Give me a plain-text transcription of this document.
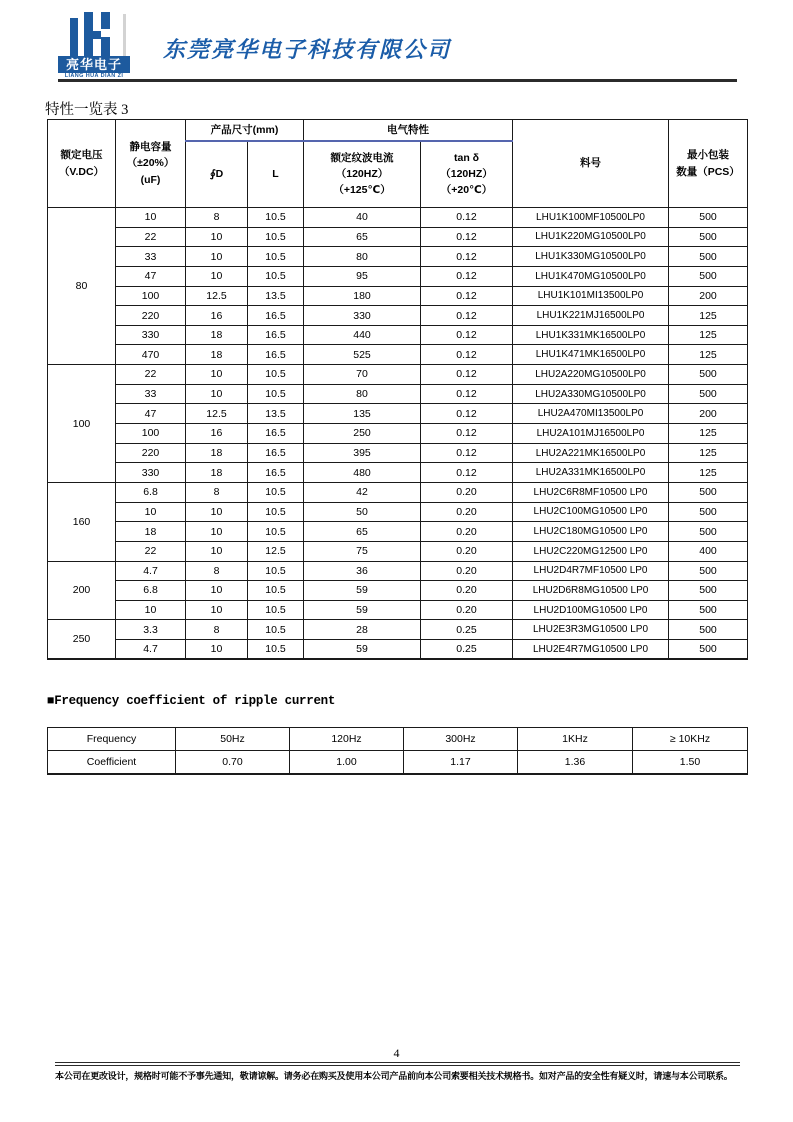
亮华电子
LIANG HUA DIAN ZI
东莞亮华电子科技有限公司
特性一览表 3
额定电压
（V.DC）	静电容量
（±20%）
(uF)	产品尺寸(mm)		电气特性		料号	最小包装
数量（PCS）

		∮D	L	额定纹波电流
（120HZ）
（+125℃）	tan δ
（120HZ）
（+20℃）		

80	10	8	10.5	40	0.12	LHU1K100MF10500LP0	500
	22	10	10.5	65	0.12	LHU1K220MG10500LP0	500
	33	10	10.5	80	0.12	LHU1K330MG10500LP0	500
	47	10	10.5	95	0.12	LHU1K470MG10500LP0	500
	100	12.5	13.5	180	0.12	LHU1K101MI13500LP0	200
	220	16	16.5	330	0.12	LHU1K221MJ16500LP0	125
	330	18	16.5	440	0.12	LHU1K331MK16500LP0	125
	470	18	16.5	525	0.12	LHU1K471MK16500LP0	125
100	22	10	10.5	70	0.12	LHU2A220MG10500LP0	500
	33	10	10.5	80	0.12	LHU2A330MG10500LP0	500
	47	12.5	13.5	135	0.12	LHU2A470MI13500LP0	200
	100	16	16.5	250	0.12	LHU2A101MJ16500LP0	125
	220	18	16.5	395	0.12	LHU2A221MK16500LP0	125
	330	18	16.5	480	0.12	LHU2A331MK16500LP0	125
160	6.8	8	10.5	42	0.20	LHU2C6R8MF10500 LP0	500
	10	10	10.5	50	0.20	LHU2C100MG10500 LP0	500
	18	10	10.5	65	0.20	LHU2C180MG10500 LP0	500
	22	10	12.5	75	0.20	LHU2C220MG12500 LP0	400
200	4.7	8	10.5	36	0.20	LHU2D4R7MF10500 LP0	500
	6.8	10	10.5	59	0.20	LHU2D6R8MG10500 LP0	500
	10	10	10.5	59	0.20	LHU2D100MG10500 LP0	500
250	3.3	8	10.5	28	0.25	LHU2E3R3MG10500 LP0	500
	4.7	10	10.5	59	0.25	LHU2E4R7MG10500 LP0	500
■Frequency coefficient of ripple current
Frequency	50Hz	120Hz	300Hz	1KHz	≥ 10KHz
Coefficient	0.70	1.00	1.17	1.36	1.50
4
本公司在更改设计，规格时可能不予事先通知，敬请谅解。请务必在购买及使用本公司产品前向本公司索要相关技术规格书。如对产品的安全性有疑义时，请速与本公司联系。
